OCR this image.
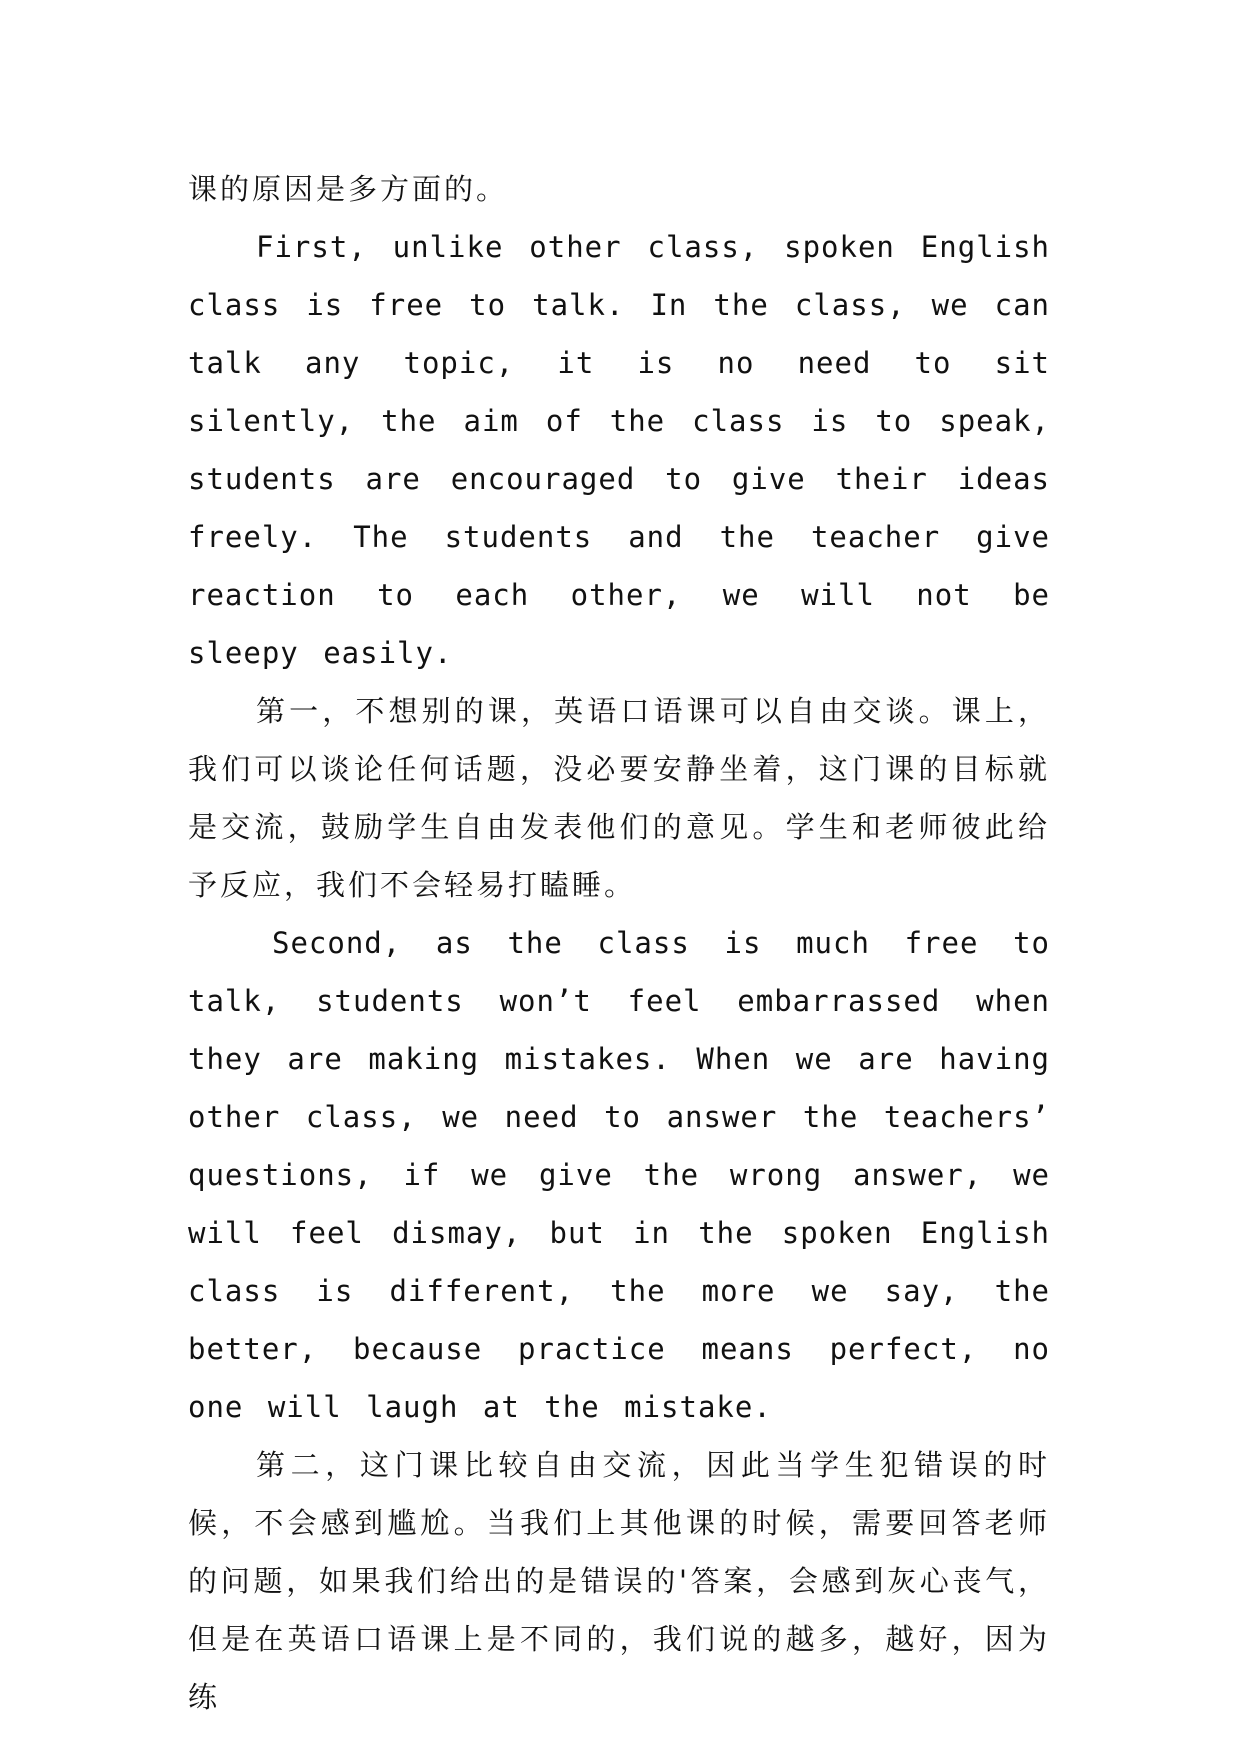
课的原因是多方面的。

First, unlike other class, spoken English class is free to talk. In the class, we can talk any topic, it is no need to sit silently, the aim of the class is to speak, students are encouraged to give their ideas freely. The students and the teacher give reaction to each other, we will not be sleepy easily.

第一，不想别的课，英语口语课可以自由交谈。课上，我们可以谈论任何话题，没必要安静坐着，这门课的目标就是交流，鼓励学生自由发表他们的意见。学生和老师彼此给予反应，我们不会轻易打瞌睡。

Second, as the class is much free to talk, students won’t feel embarrassed when they are making mistakes. When we are having other class, we need to answer the teachers’ questions, if we give the wrong answer, we will feel dismay, but in the spoken English class is different, the more we say, the better, because practice means perfect, no one will laugh at the mistake.

第二，这门课比较自由交流，因此当学生犯错误的时候，不会感到尴尬。当我们上其他课的时候，需要回答老师的问题，如果我们给出的是错误的'答案，会感到灰心丧气，但是在英语口语课上是不同的，我们说的越多，越好，因为练
